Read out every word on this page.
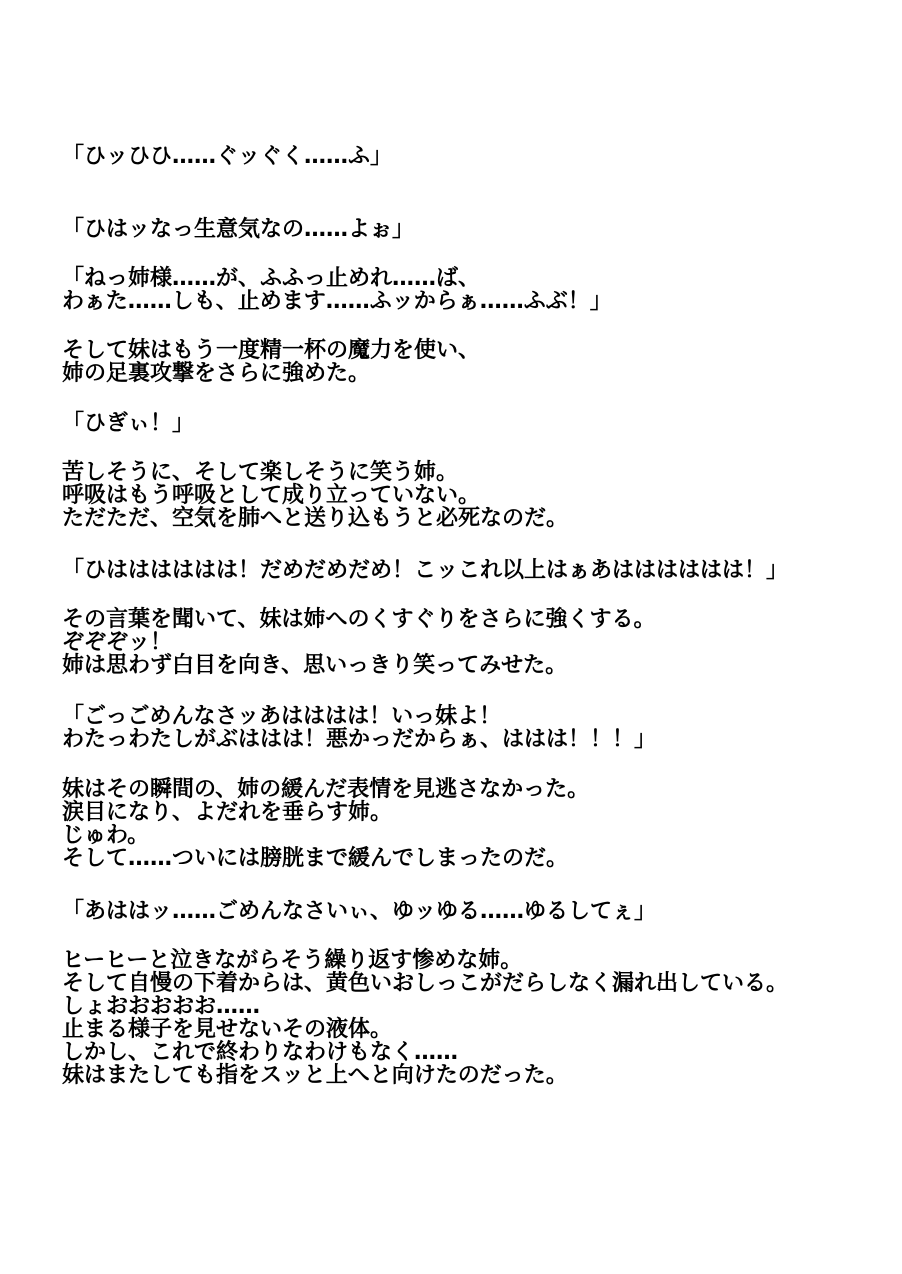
「ひッひひ……ぐッぐく……ふ」
「ひはッなっ生意気なの……よぉ」
「ねっ姉様……が、ふふっ止めれ……ば、
わぁた……しも、止めます……ふッからぁ……ふぶ！」
そして妹はもう一度精一杯の魔力を使い、
姉の足裏攻撃をさらに強めた。
「ひぎぃ！」
苦しそうに、そして楽しそうに笑う姉。
呼吸はもう呼吸として成り立っていない。
ただただ、空気を肺へと送り込もうと必死なのだ。
「ひはははははは！だめだめだめ！こッこれ以上はぁあはははははは！」
その言葉を聞いて、妹は姉へのくすぐりをさらに強くする。
ぞぞぞッ！
姉は思わず白目を向き、思いっきり笑ってみせた。
「ごっごめんなさッあはははは！いっ妹よ！
わたっわたしがぶははは！悪かっだからぁ、ははは！！！」
妹はその瞬間の、姉の緩んだ表情を見逃さなかった。
涙目になり、よだれを垂らす姉。
じゅわ。
そして……ついには膀胱まで緩んでしまったのだ。
「あははッ……ごめんなさいぃ、ゆッゆる……ゆるしてぇ」
ヒーヒーと泣きながらそう繰り返す惨めな姉。
そして自慢の下着からは、黄色いおしっこがだらしなく漏れ出している。
しょおおおおお……
止まる様子を見せないその液体。
しかし、これで終わりなわけもなく……
妹はまたしても指をスッと上へと向けたのだった。
